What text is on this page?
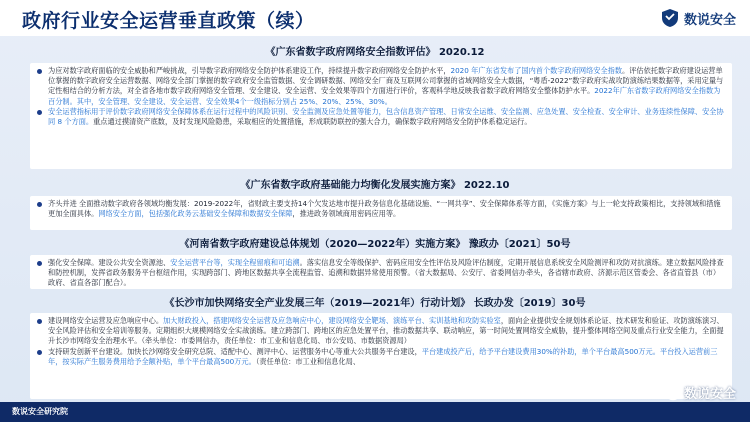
政府行业安全运营垂直政策（续）	数说安全
《广东省数字政府网络安全指数评估》 2020.12

为应对数字政府面临的安全威胁和严峻挑战，引导数字政府网络安全防护体系建设工作，持续提升数字政府网络安全防护水平，2020 年广东省发布了国内首个数字政府网络安全指数。评估依托数字政府建设运营单位掌握的数字政府安全运营数据、网络安全部门掌握的数字政府安全监管数据、安全调研数据、网络安全厂商及互联网公司掌握的省域网络安全大数据，“粤盾-2022”数字政府实战攻防演练结果数据等，采用定量与定性相结合的分析方法，对全省各地市数字政府网络安全管理、安全建设、安全运营、安全效果等四个方面进行评价，客观科学地反映我省数字政府网络安全整体防护水平。2022年广东省数字政府网络安全指数为百分制。其中，安全管理、安全建设、安全运营、安全效果4个一级指标分别占 25%、20%、25%、30%。

安全运营指标用于评价数字政府网络安全保障体系在运行过程中的风险识别、安全监测及应急处置等能力，包含信息资产管理、日常安全运维、安全监测、应急处置、安全检查、安全审计、业务连续性保障、安全协同 8 个方面。重点通过摸清资产底数，及时发现风险隐患，采取相应的处置措施，形成联防联控的强大合力，确保数字政府网络安全防护体系稳定运行。

《广东省数字政府基础能力均衡化发展实施方案》 2022.10

齐头并进 全面推动数字政府各领域均衡发展：2019-2022年，省财政主要支持14个欠发达地市提升政务信息化基础设施、“一网共享”、安全保障体系等方面，《实施方案》与上一轮支持政策相比，支持领域和措施更加全面具体。网络安全方面，包括强化政务云基础安全保障和数据安全保障，推进政务领域商用密码应用等。

《河南省数字政府建设总体规划（2020—2022年）实施方案》 豫政办〔2021〕50号

强化安全保障。建设公共安全资源池、安全运营平台等，实现全程留痕和可追溯。落实信息安全等级保护、密码应用安全性评估及风险评估制度，定期开展信息系统安全风险测评和攻防对抗演练。建立数据风险排查和防控机制，发挥省政务服务平台枢纽作用，实现跨部门、跨地区数据共享全流程监管、追溯和数据异常使用预警。（省大数据局、公安厅、省委网信办牵头，各省辖市政府、济源示范区管委会、各省直管县（市）政府、省直各部门配合）。

《长沙市加快网络安全产业发展三年（2019—2021年）行动计划》 长政办发〔2019〕30号

建设网络安全运营及应急响应中心。加大财政投入，搭建网络安全运营及应急响应中心，建设网络安全靶场、演练平台、实训基地和攻防实验室，面向企业提供安全规划体系论证、技术研发和验证、攻防演练演习、安全风险评估和安全培训等服务。定期组织大规模网络安全实战演练。建立跨部门、跨地区的应急处置平台，推动数据共享、联动响应，第一时间处置网络安全威胁，提升整体网络空间及重点行业安全能力，全面提升长沙市网络安全治理水平。（牵头单位：市委网信办，责任单位：市工业和信息化局、市公安局、市数据资源局）

支持研发创新平台建设。加快长沙网络安全研究总院、适配中心、测评中心、运营服务中心等重大公共服务平台建设，平台建成投产后，给予平台建设费用30%的补助，单个平台最高500万元。平台投入运营前三年，按实际产生服务费用给予全额补贴，单个平台最高500万元。（责任单位：市工业和信息化局、

数说安全
数说安全研究院
